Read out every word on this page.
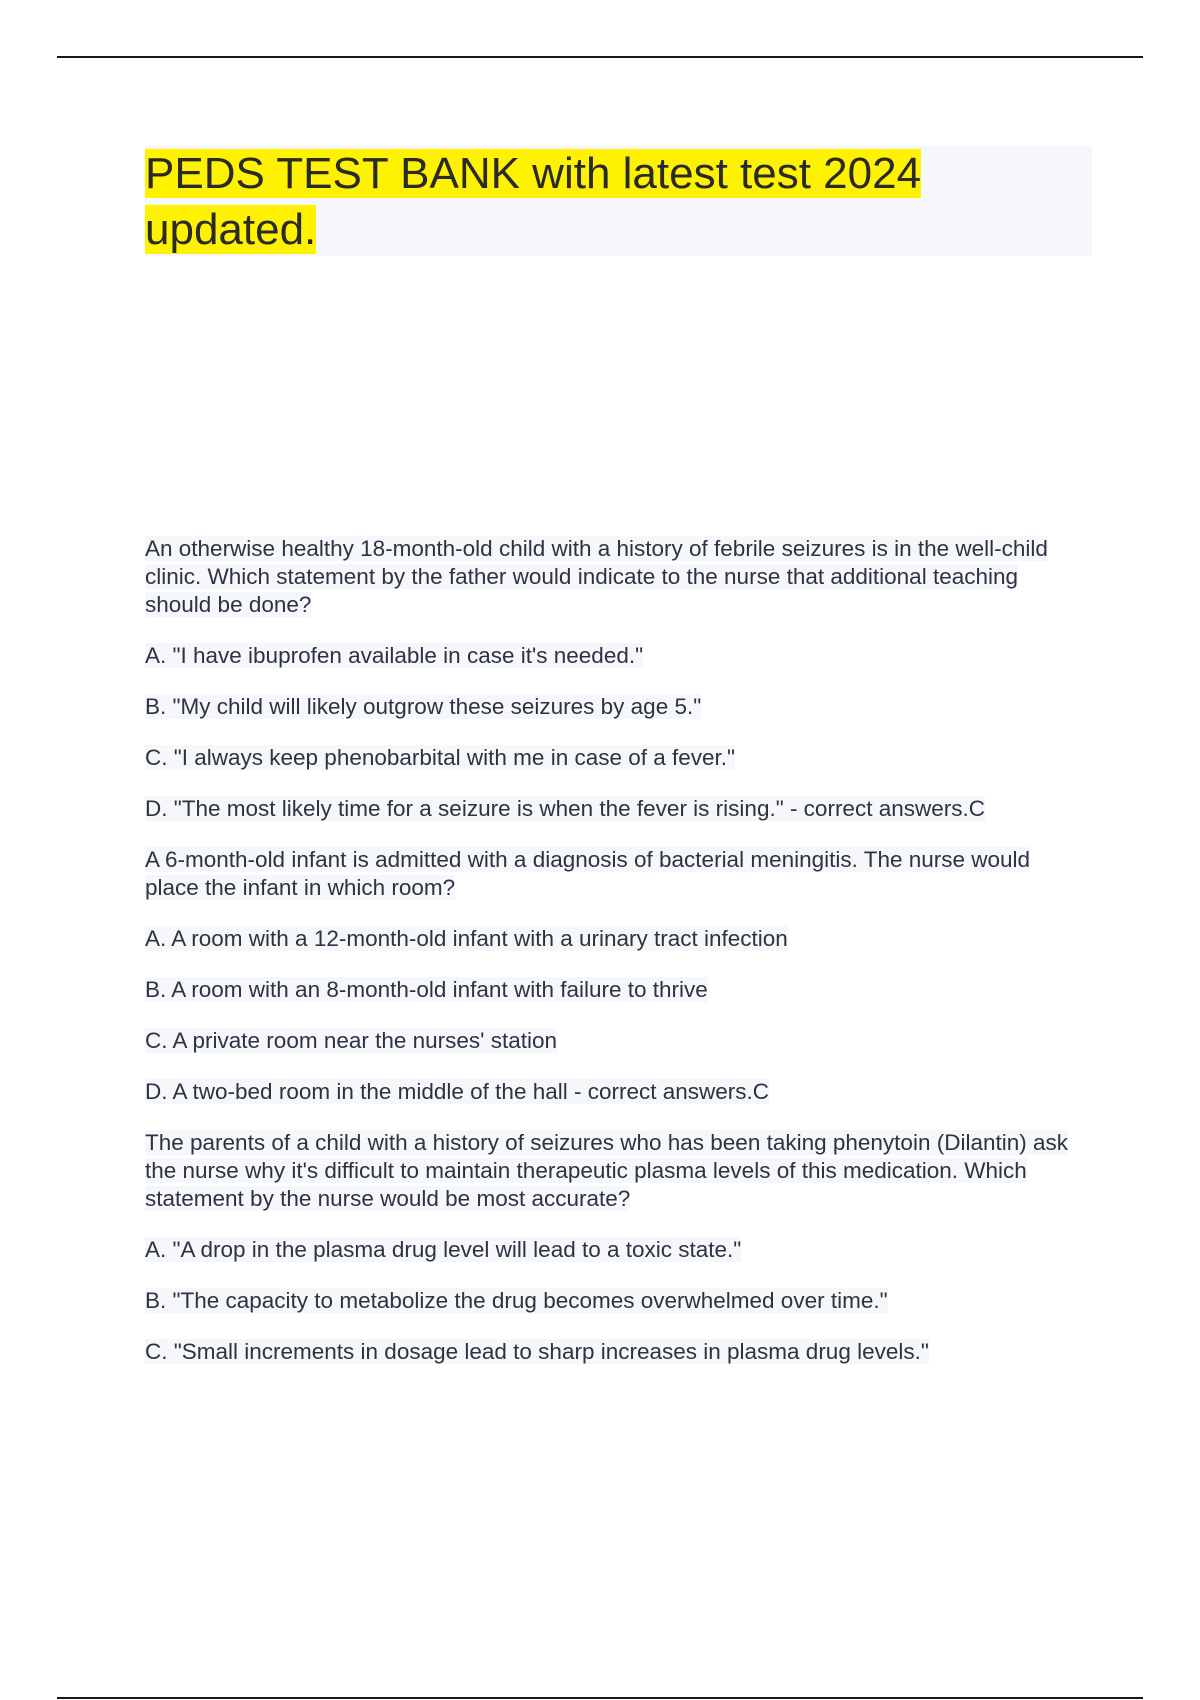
PEDS TEST BANK with latest test 2024 updated.

An otherwise healthy 18-month-old child with a history of febrile seizures is in the well-child clinic. Which statement by the father would indicate to the nurse that additional teaching should be done?

A. "I have ibuprofen available in case it's needed."

B. "My child will likely outgrow these seizures by age 5."

C. "I always keep phenobarbital with me in case of a fever."

D. "The most likely time for a seizure is when the fever is rising." - correct answers.C

A 6-month-old infant is admitted with a diagnosis of bacterial meningitis. The nurse would place the infant in which room?

A. A room with a 12-month-old infant with a urinary tract infection

B. A room with an 8-month-old infant with failure to thrive

C. A private room near the nurses' station

D. A two-bed room in the middle of the hall - correct answers.C

The parents of a child with a history of seizures who has been taking phenytoin (Dilantin) ask the nurse why it's difficult to maintain therapeutic plasma levels of this medication. Which statement by the nurse would be most accurate?

A. "A drop in the plasma drug level will lead to a toxic state."

B. "The capacity to metabolize the drug becomes overwhelmed over time."

C. "Small increments in dosage lead to sharp increases in plasma drug levels."
